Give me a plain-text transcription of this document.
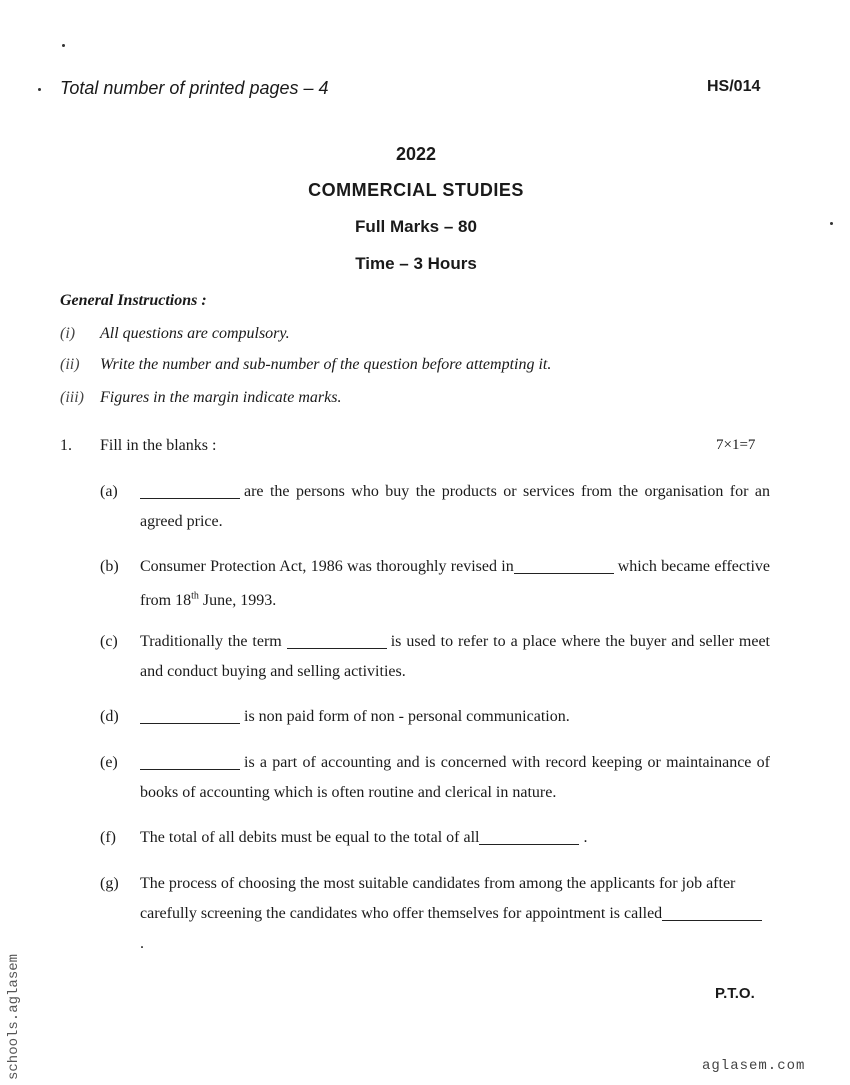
Total number of printed pages – 4	HS/014
2022
COMMERCIAL STUDIES
Full Marks – 80
Time – 3 Hours
General Instructions :
(i) All questions are compulsory.
(ii) Write the number and sub-number of the question before attempting it.
(iii) Figures in the margin indicate marks.
1. Fill in the blanks :	7×1=7
(a)	are the persons who buy the products or services from the organisation for an agreed price.
(b) Consumer Protection Act, 1986 was thoroughly revised in	which became effective from 18th June, 1993.
(c) Traditionally the term	is used to refer to a place where the buyer and seller meet and conduct buying and selling activities.
(d)	is non paid form of non - personal communication.
(e)	is a part of accounting and is concerned with record keeping or maintainance of books of accounting which is often routine and clerical in nature.
(f) The total of all debits must be equal to the total of all	.
(g) The process of choosing the most suitable candidates from among the applicants for job after carefully screening the candidates who offer themselves for appointment is called.
P.T.O.
schools.aglasem	aglasem.com
